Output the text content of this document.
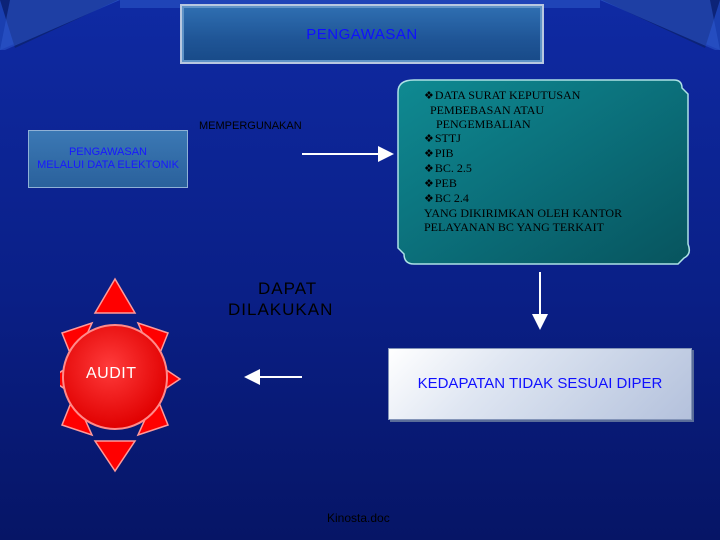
PENGAWASAN
PENGAWASAN
MELALUI DATA ELEKTONIK
MEMPERGUNAKAN
❖DATA SURAT KEPUTUSAN
PEMBEBASAN ATAU
PENGEMBALIAN
❖STTJ
❖PIB
❖BC. 2.5
❖PEB
❖BC 2.4
YANG DIKIRIMKAN OLEH KANTOR
PELAYANAN BC YANG TERKAIT
DAPAT
DILAKUKAN
KEDAPATAN TIDAK SESUAI DIPER
AUDIT
Kinosta.doc
